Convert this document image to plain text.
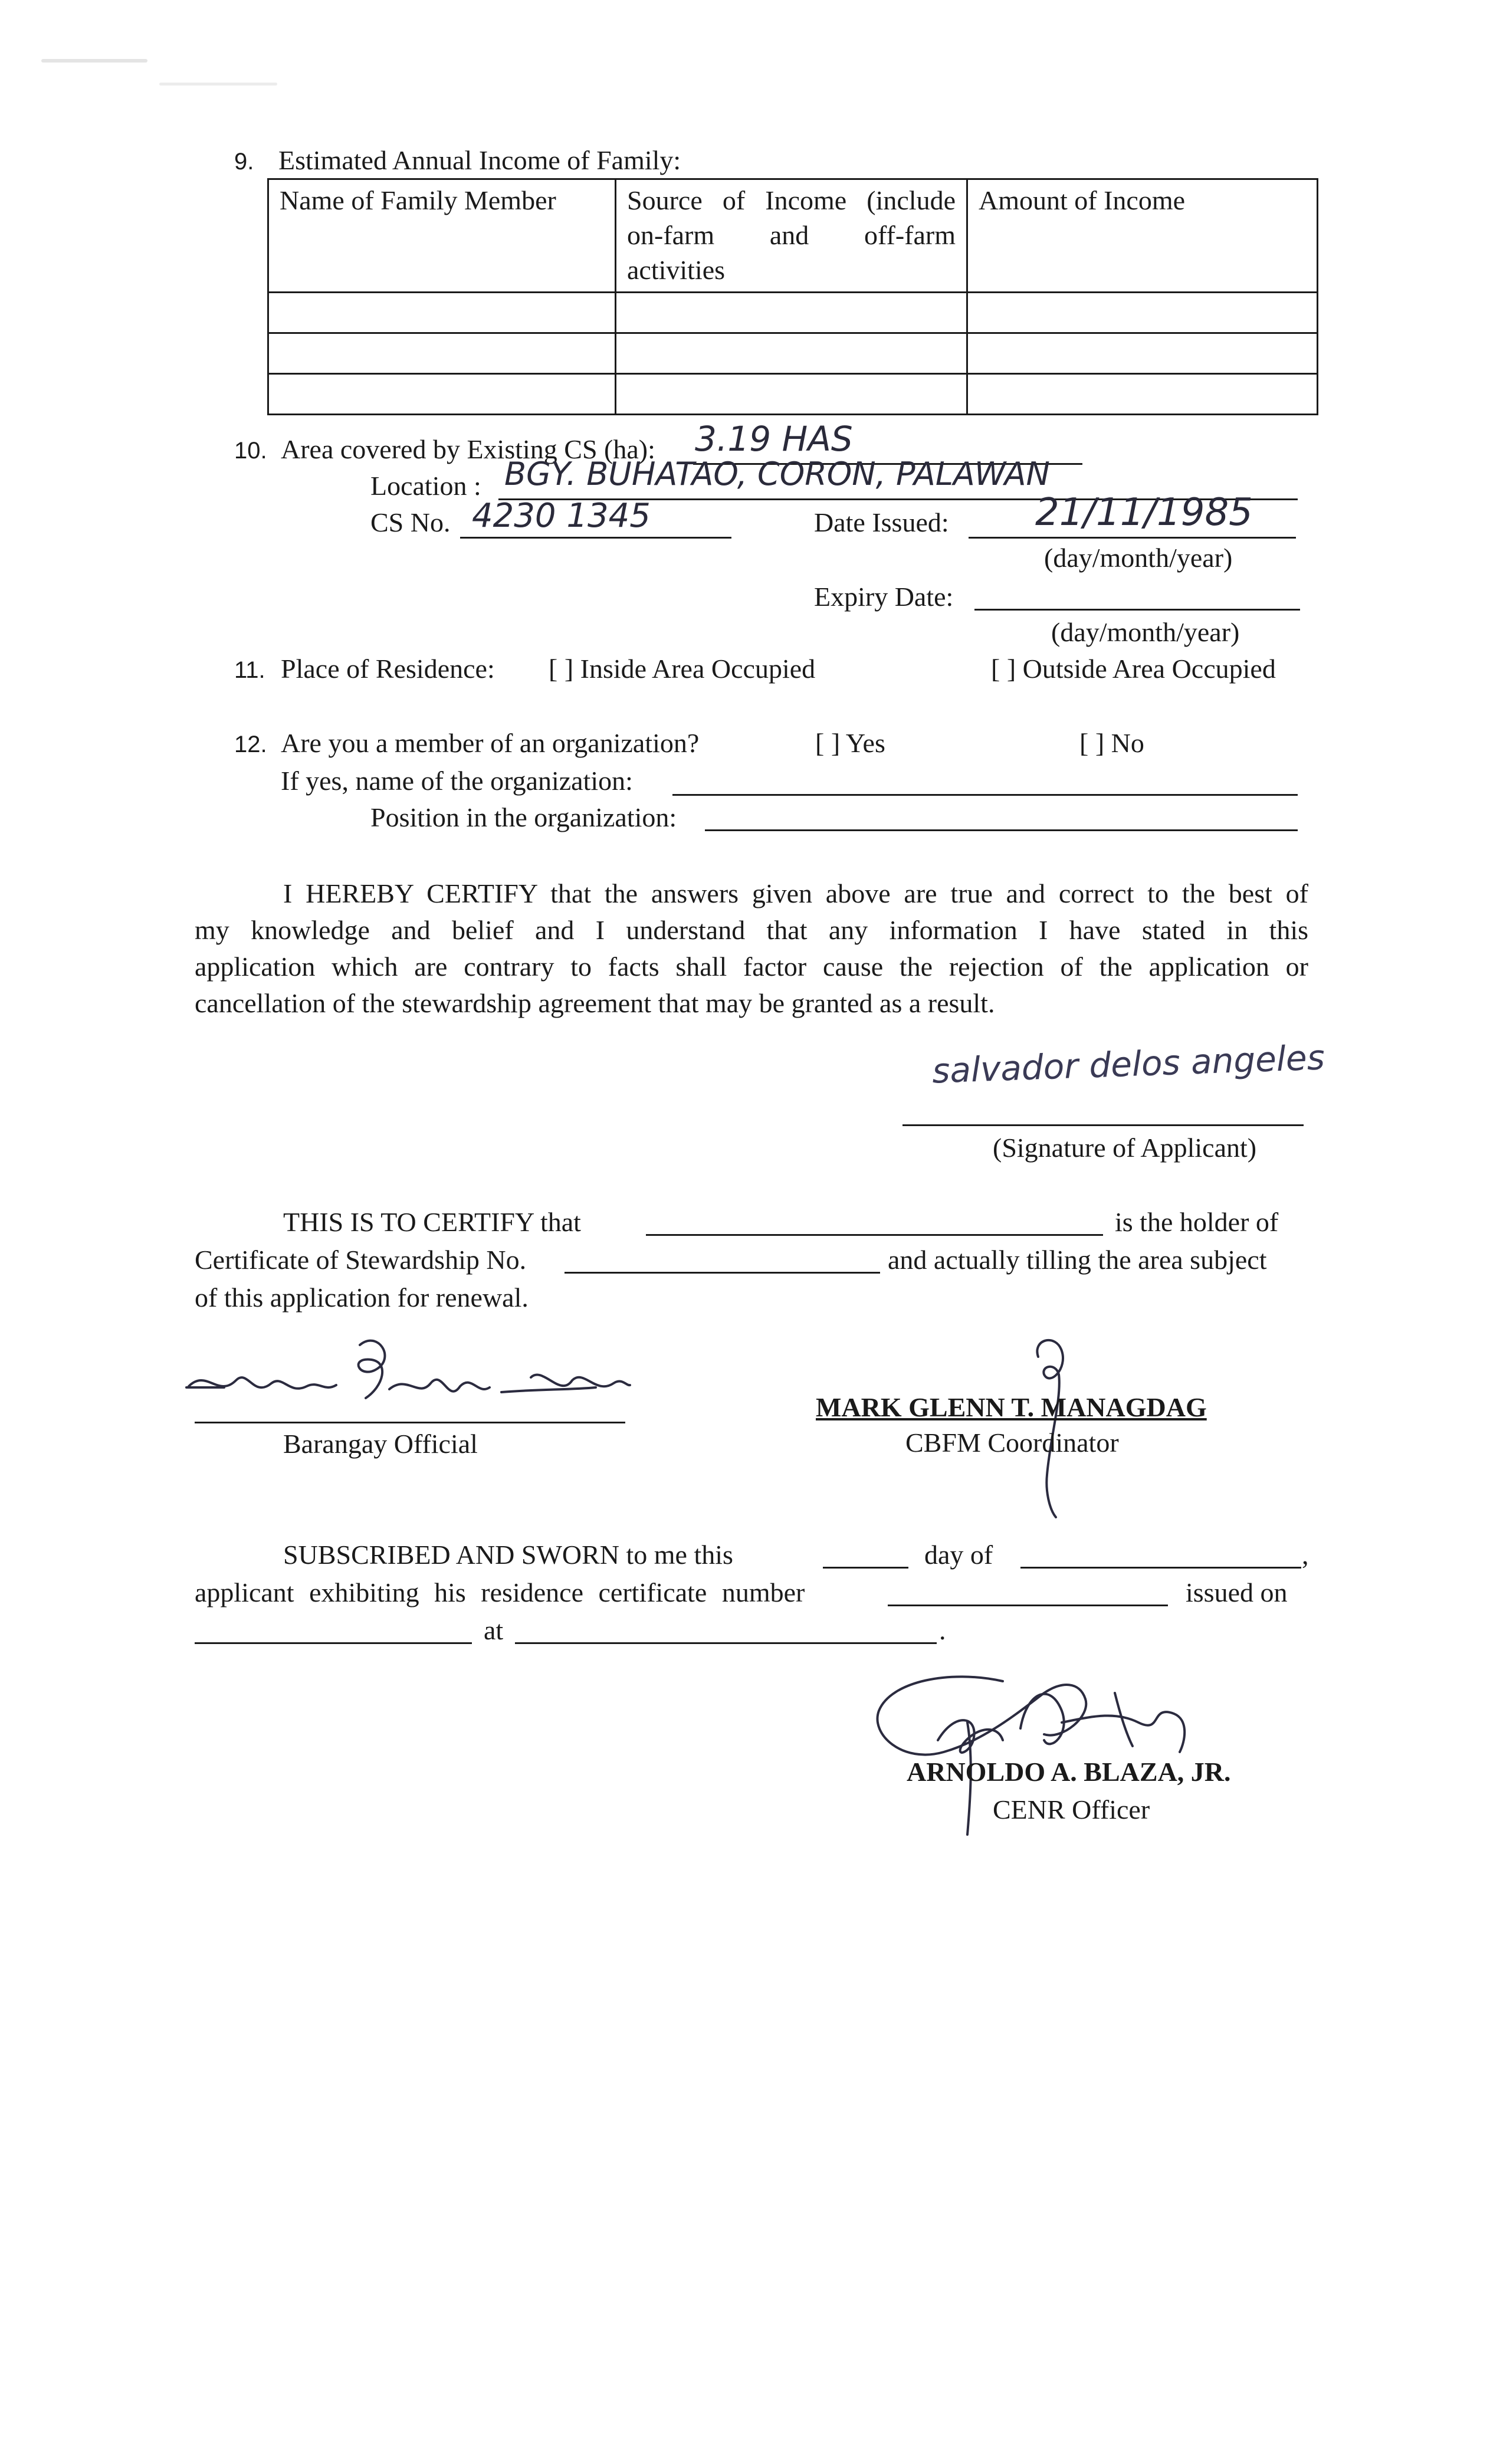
9. Estimated Annual Income of Family:
Name of Family Member	Source of Income (include on-farm and off-farm activities	Amount of Income

10. Area covered by Existing CS (ha): 3.19 HAS
Location : BGY. BUHATAO, CORON, PALAWAN
CS No. 4230 1345	Date Issued: 21/11/1985
(day/month/year)
Expiry Date:
(day/month/year)
11. Place of Residence: [ ] Inside Area Occupied	[ ] Outside Area Occupied
12. Are you a member of an organization?	[ ] Yes	[ ] No
If yes, name of the organization:
Position in the organization:
I HEREBY CERTIFY that the answers given above are true and correct to the best of
my knowledge and belief and I understand that any information I have stated in this
application which are contrary to facts shall factor cause the rejection of the application or
cancellation of the stewardship agreement that may be granted as a result.
salvador delos angeles
(Signature of Applicant)
THIS IS TO CERTIFY that	is the holder of
Certificate of Stewardship No.	and actually tilling the area subject
of this application for renewal.
Barangay Official
MARK GLENN T. MANAGDAG
CBFM Coordinator
SUBSCRIBED AND SWORN to me this	day of	,
applicant exhibiting his residence certificate number	issued on
at	.
ARNOLDO A. BLAZA, JR.
CENR Officer
